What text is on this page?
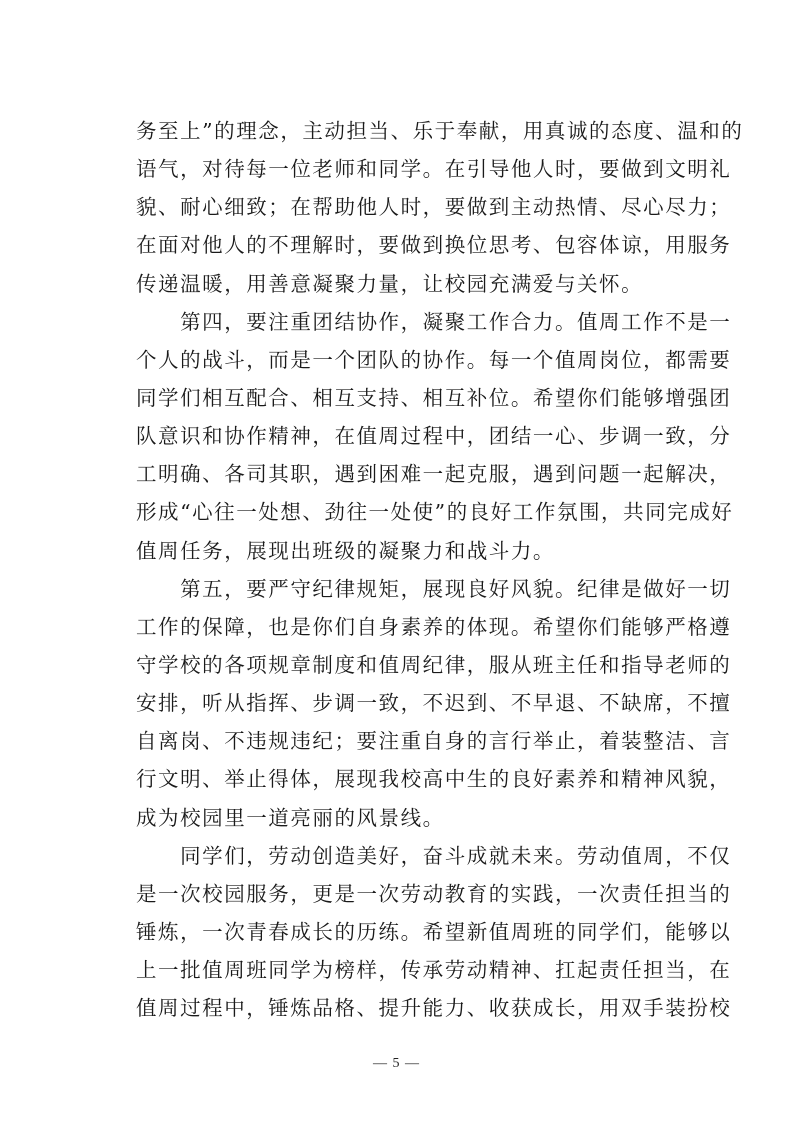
务至上”的理念，主动担当、乐于奉献，用真诚的态度、温和的
语气，对待每一位老师和同学。在引导他人时，要做到文明礼
貌、耐心细致；在帮助他人时，要做到主动热情、尽心尽力；
在面对他人的不理解时，要做到换位思考、包容体谅，用服务
传递温暖，用善意凝聚力量，让校园充满爱与关怀。
　　第四，要注重团结协作，凝聚工作合力。值周工作不是一
个人的战斗，而是一个团队的协作。每一个值周岗位，都需要
同学们相互配合、相互支持、相互补位。希望你们能够增强团
队意识和协作精神，在值周过程中，团结一心、步调一致，分
工明确、各司其职，遇到困难一起克服，遇到问题一起解决，
形成“心往一处想、劲往一处使”的良好工作氛围，共同完成好
值周任务，展现出班级的凝聚力和战斗力。
　　第五，要严守纪律规矩，展现良好风貌。纪律是做好一切
工作的保障，也是你们自身素养的体现。希望你们能够严格遵
守学校的各项规章制度和值周纪律，服从班主任和指导老师的
安排，听从指挥、步调一致，不迟到、不早退、不缺席，不擅
自离岗、不违规违纪；要注重自身的言行举止，着装整洁、言
行文明、举止得体，展现我校高中生的良好素养和精神风貌，
成为校园里一道亮丽的风景线。
　　同学们，劳动创造美好，奋斗成就未来。劳动值周，不仅
是一次校园服务，更是一次劳动教育的实践，一次责任担当的
锤炼，一次青春成长的历练。希望新值周班的同学们，能够以
上一批值周班同学为榜样，传承劳动精神、扛起责任担当，在
值周过程中，锤炼品格、提升能力、收获成长，用双手装扮校
— 5 —
